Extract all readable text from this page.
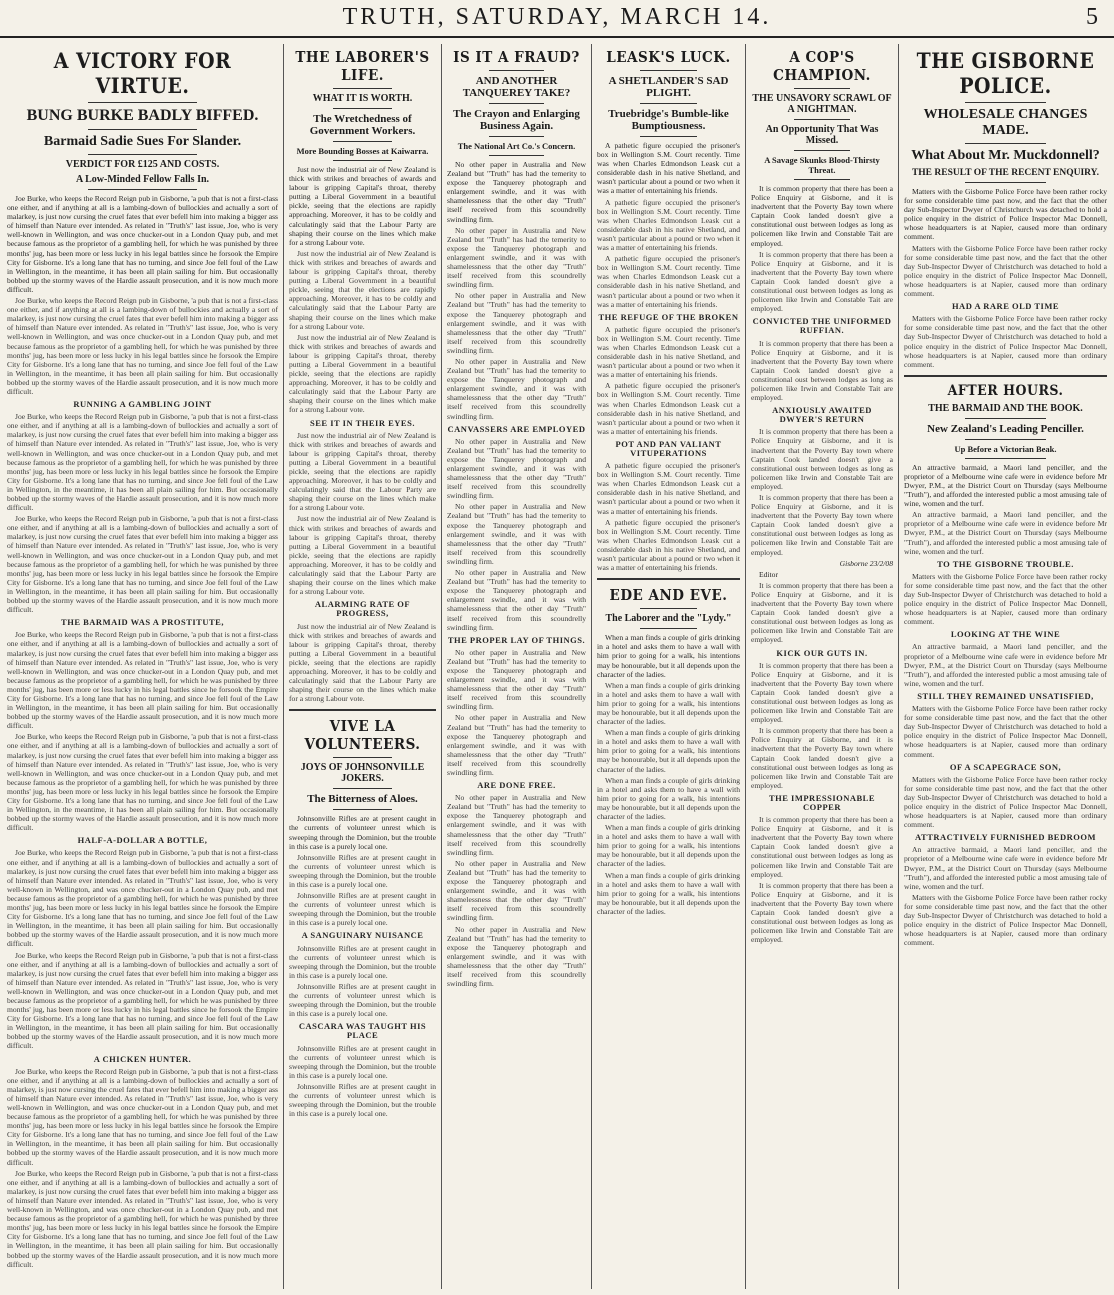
TRUTH, SATURDAY, MARCH 14.	5
A VICTORY FOR VIRTUE.
BUNG BURKE BADLY BIFFED.
Barmaid Sadie Sues For Slander.
VERDICT FOR £125 AND COSTS.
A Low-Minded Fellow Falls In.

Joe Burke, who keeps the Record Reign pub in Gisborne, 'a pub that is not a first-class one either, and if anything at all is a lambing-down of bullockies and actually a sort of malarkey, is just now cursing the cruel fates that ever befell him into making a bigger ass of himself than Nature ever intended. As related in "Truth's" last issue, Joe, who is very well-known in Wellington, and was once chucker-out in a London Quay pub, and met because famous as the proprietor of a gambling hell, for which he was punished by three months' jug, has been more or less lucky in his legal battles since he forsook the Empire City for Gisborne. It's a long lane that has no turning, and since Joe fell foul of the Law in Wellington, in the meantime, it has been all plain sailing for him. But occasionally bobbed up the stormy waves of the Hardie assault prosecution, and it is now much more difficult.

Joe Burke, who keeps the Record Reign pub in Gisborne, 'a pub that is not a first-class one either, and if anything at all is a lambing-down of bullockies and actually a sort of malarkey, is just now cursing the cruel fates that ever befell him into making a bigger ass of himself than Nature ever intended. As related in "Truth's" last issue, Joe, who is very well-known in Wellington, and was once chucker-out in a London Quay pub, and met because famous as the proprietor of a gambling hell, for which he was punished by three months' jug, has been more or less lucky in his legal battles since he forsook the Empire City for Gisborne. It's a long lane that has no turning, and since Joe fell foul of the Law in Wellington, in the meantime, it has been all plain sailing for him. But occasionally bobbed up the stormy waves of the Hardie assault prosecution, and it is now much more difficult.

RUNNING A GAMBLING JOINT

Joe Burke, who keeps the Record Reign pub in Gisborne, 'a pub that is not a first-class one either, and if anything at all is a lambing-down of bullockies and actually a sort of malarkey, is just now cursing the cruel fates that ever befell him into making a bigger ass of himself than Nature ever intended. As related in "Truth's" last issue, Joe, who is very well-known in Wellington, and was once chucker-out in a London Quay pub, and met because famous as the proprietor of a gambling hell, for which he was punished by three months' jug, has been more or less lucky in his legal battles since he forsook the Empire City for Gisborne. It's a long lane that has no turning, and since Joe fell foul of the Law in Wellington, in the meantime, it has been all plain sailing for him. But occasionally bobbed up the stormy waves of the Hardie assault prosecution, and it is now much more difficult.

Joe Burke, who keeps the Record Reign pub in Gisborne, 'a pub that is not a first-class one either, and if anything at all is a lambing-down of bullockies and actually a sort of malarkey, is just now cursing the cruel fates that ever befell him into making a bigger ass of himself than Nature ever intended. As related in "Truth's" last issue, Joe, who is very well-known in Wellington, and was once chucker-out in a London Quay pub, and met because famous as the proprietor of a gambling hell, for which he was punished by three months' jug, has been more or less lucky in his legal battles since he forsook the Empire City for Gisborne. It's a long lane that has no turning, and since Joe fell foul of the Law in Wellington, in the meantime, it has been all plain sailing for him. But occasionally bobbed up the stormy waves of the Hardie assault prosecution, and it is now much more difficult.

THE BARMAID WAS A PROSTITUTE,

Joe Burke, who keeps the Record Reign pub in Gisborne, 'a pub that is not a first-class one either, and if anything at all is a lambing-down of bullockies and actually a sort of malarkey, is just now cursing the cruel fates that ever befell him into making a bigger ass of himself than Nature ever intended. As related in "Truth's" last issue, Joe, who is very well-known in Wellington, and was once chucker-out in a London Quay pub, and met because famous as the proprietor of a gambling hell, for which he was punished by three months' jug, has been more or less lucky in his legal battles since he forsook the Empire City for Gisborne. It's a long lane that has no turning, and since Joe fell foul of the Law in Wellington, in the meantime, it has been all plain sailing for him. But occasionally bobbed up the stormy waves of the Hardie assault prosecution, and it is now much more difficult.

Joe Burke, who keeps the Record Reign pub in Gisborne, 'a pub that is not a first-class one either, and if anything at all is a lambing-down of bullockies and actually a sort of malarkey, is just now cursing the cruel fates that ever befell him into making a bigger ass of himself than Nature ever intended. As related in "Truth's" last issue, Joe, who is very well-known in Wellington, and was once chucker-out in a London Quay pub, and met because famous as the proprietor of a gambling hell, for which he was punished by three months' jug, has been more or less lucky in his legal battles since he forsook the Empire City for Gisborne. It's a long lane that has no turning, and since Joe fell foul of the Law in Wellington, in the meantime, it has been all plain sailing for him. But occasionally bobbed up the stormy waves of the Hardie assault prosecution, and it is now much more difficult.

HALF-A-DOLLAR A BOTTLE,

Joe Burke, who keeps the Record Reign pub in Gisborne, 'a pub that is not a first-class one either, and if anything at all is a lambing-down of bullockies and actually a sort of malarkey, is just now cursing the cruel fates that ever befell him into making a bigger ass of himself than Nature ever intended. As related in "Truth's" last issue, Joe, who is very well-known in Wellington, and was once chucker-out in a London Quay pub, and met because famous as the proprietor of a gambling hell, for which he was punished by three months' jug, has been more or less lucky in his legal battles since he forsook the Empire City for Gisborne. It's a long lane that has no turning, and since Joe fell foul of the Law in Wellington, in the meantime, it has been all plain sailing for him. But occasionally bobbed up the stormy waves of the Hardie assault prosecution, and it is now much more difficult.

Joe Burke, who keeps the Record Reign pub in Gisborne, 'a pub that is not a first-class one either, and if anything at all is a lambing-down of bullockies and actually a sort of malarkey, is just now cursing the cruel fates that ever befell him into making a bigger ass of himself than Nature ever intended. As related in "Truth's" last issue, Joe, who is very well-known in Wellington, and was once chucker-out in a London Quay pub, and met because famous as the proprietor of a gambling hell, for which he was punished by three months' jug, has been more or less lucky in his legal battles since he forsook the Empire City for Gisborne. It's a long lane that has no turning, and since Joe fell foul of the Law in Wellington, in the meantime, it has been all plain sailing for him. But occasionally bobbed up the stormy waves of the Hardie assault prosecution, and it is now much more difficult.

A CHICKEN HUNTER.

Joe Burke, who keeps the Record Reign pub in Gisborne, 'a pub that is not a first-class one either, and if anything at all is a lambing-down of bullockies and actually a sort of malarkey, is just now cursing the cruel fates that ever befell him into making a bigger ass of himself than Nature ever intended. As related in "Truth's" last issue, Joe, who is very well-known in Wellington, and was once chucker-out in a London Quay pub, and met because famous as the proprietor of a gambling hell, for which he was punished by three months' jug, has been more or less lucky in his legal battles since he forsook the Empire City for Gisborne. It's a long lane that has no turning, and since Joe fell foul of the Law in Wellington, in the meantime, it has been all plain sailing for him. But occasionally bobbed up the stormy waves of the Hardie assault prosecution, and it is now much more difficult.

Joe Burke, who keeps the Record Reign pub in Gisborne, 'a pub that is not a first-class one either, and if anything at all is a lambing-down of bullockies and actually a sort of malarkey, is just now cursing the cruel fates that ever befell him into making a bigger ass of himself than Nature ever intended. As related in "Truth's" last issue, Joe, who is very well-known in Wellington, and was once chucker-out in a London Quay pub, and met because famous as the proprietor of a gambling hell, for which he was punished by three months' jug, has been more or less lucky in his legal battles since he forsook the Empire City for Gisborne. It's a long lane that has no turning, and since Joe fell foul of the Law in Wellington, in the meantime, it has been all plain sailing for him. But occasionally bobbed up the stormy waves of the Hardie assault prosecution, and it is now much more difficult.

THE LABORER'S LIFE.
WHAT IT IS WORTH.
The Wretchedness of Government Workers.
More Bounding Bosses at Kaiwarra.

Just now the industrial air of New Zealand is thick with strikes and breaches of awards and labour is gripping Capital's throat, thereby putting a Liberal Government in a beautiful pickle, seeing that the elections are rapidly approaching. Moreover, it has to be coldly and calculatingly said that the Labour Party are shaping their course on the lines which make for a strong Labour vote.

Just now the industrial air of New Zealand is thick with strikes and breaches of awards and labour is gripping Capital's throat, thereby putting a Liberal Government in a beautiful pickle, seeing that the elections are rapidly approaching. Moreover, it has to be coldly and calculatingly said that the Labour Party are shaping their course on the lines which make for a strong Labour vote.

Just now the industrial air of New Zealand is thick with strikes and breaches of awards and labour is gripping Capital's throat, thereby putting a Liberal Government in a beautiful pickle, seeing that the elections are rapidly approaching. Moreover, it has to be coldly and calculatingly said that the Labour Party are shaping their course on the lines which make for a strong Labour vote.

SEE IT IN THEIR EYES.

Just now the industrial air of New Zealand is thick with strikes and breaches of awards and labour is gripping Capital's throat, thereby putting a Liberal Government in a beautiful pickle, seeing that the elections are rapidly approaching. Moreover, it has to be coldly and calculatingly said that the Labour Party are shaping their course on the lines which make for a strong Labour vote.

Just now the industrial air of New Zealand is thick with strikes and breaches of awards and labour is gripping Capital's throat, thereby putting a Liberal Government in a beautiful pickle, seeing that the elections are rapidly approaching. Moreover, it has to be coldly and calculatingly said that the Labour Party are shaping their course on the lines which make for a strong Labour vote.

ALARMING RATE OF PROGRESS,

Just now the industrial air of New Zealand is thick with strikes and breaches of awards and labour is gripping Capital's throat, thereby putting a Liberal Government in a beautiful pickle, seeing that the elections are rapidly approaching. Moreover, it has to be coldly and calculatingly said that the Labour Party are shaping their course on the lines which make for a strong Labour vote.

VIVE LA VOLUNTEERS.
JOYS OF JOHNSONVILLE JOKERS.
The Bitterness of Aloes.

Johnsonville Rifles are at present caught in the currents of volunteer unrest which is sweeping through the Dominion, but the trouble in this case is a purely local one.

Johnsonville Rifles are at present caught in the currents of volunteer unrest which is sweeping through the Dominion, but the trouble in this case is a purely local one.

Johnsonville Rifles are at present caught in the currents of volunteer unrest which is sweeping through the Dominion, but the trouble in this case is a purely local one.

A SANGUINARY NUISANCE

Johnsonville Rifles are at present caught in the currents of volunteer unrest which is sweeping through the Dominion, but the trouble in this case is a purely local one.

Johnsonville Rifles are at present caught in the currents of volunteer unrest which is sweeping through the Dominion, but the trouble in this case is a purely local one.

CASCARA WAS TAUGHT HIS PLACE

Johnsonville Rifles are at present caught in the currents of volunteer unrest which is sweeping through the Dominion, but the trouble in this case is a purely local one.

Johnsonville Rifles are at present caught in the currents of volunteer unrest which is sweeping through the Dominion, but the trouble in this case is a purely local one.

IS IT A FRAUD?
AND ANOTHER TANQUEREY TAKE?
The Crayon and Enlarging Business Again.
The National Art Co.'s Concern.

No other paper in Australia and New Zealand but "Truth" has had the temerity to expose the Tanquerey photograph and enlargement swindle, and it was with shamelessness that the other day "Truth" itself received from this scoundrelly swindling firm.

No other paper in Australia and New Zealand but "Truth" has had the temerity to expose the Tanquerey photograph and enlargement swindle, and it was with shamelessness that the other day "Truth" itself received from this scoundrelly swindling firm.

No other paper in Australia and New Zealand but "Truth" has had the temerity to expose the Tanquerey photograph and enlargement swindle, and it was with shamelessness that the other day "Truth" itself received from this scoundrelly swindling firm.

No other paper in Australia and New Zealand but "Truth" has had the temerity to expose the Tanquerey photograph and enlargement swindle, and it was with shamelessness that the other day "Truth" itself received from this scoundrelly swindling firm.

CANVASSERS ARE EMPLOYED

No other paper in Australia and New Zealand but "Truth" has had the temerity to expose the Tanquerey photograph and enlargement swindle, and it was with shamelessness that the other day "Truth" itself received from this scoundrelly swindling firm.

No other paper in Australia and New Zealand but "Truth" has had the temerity to expose the Tanquerey photograph and enlargement swindle, and it was with shamelessness that the other day "Truth" itself received from this scoundrelly swindling firm.

No other paper in Australia and New Zealand but "Truth" has had the temerity to expose the Tanquerey photograph and enlargement swindle, and it was with shamelessness that the other day "Truth" itself received from this scoundrelly swindling firm.

THE PROPER LAY OF THINGS.

No other paper in Australia and New Zealand but "Truth" has had the temerity to expose the Tanquerey photograph and enlargement swindle, and it was with shamelessness that the other day "Truth" itself received from this scoundrelly swindling firm.

No other paper in Australia and New Zealand but "Truth" has had the temerity to expose the Tanquerey photograph and enlargement swindle, and it was with shamelessness that the other day "Truth" itself received from this scoundrelly swindling firm.

ARE DONE FREE.

No other paper in Australia and New Zealand but "Truth" has had the temerity to expose the Tanquerey photograph and enlargement swindle, and it was with shamelessness that the other day "Truth" itself received from this scoundrelly swindling firm.

No other paper in Australia and New Zealand but "Truth" has had the temerity to expose the Tanquerey photograph and enlargement swindle, and it was with shamelessness that the other day "Truth" itself received from this scoundrelly swindling firm.

No other paper in Australia and New Zealand but "Truth" has had the temerity to expose the Tanquerey photograph and enlargement swindle, and it was with shamelessness that the other day "Truth" itself received from this scoundrelly swindling firm.

LEASK'S LUCK.
A SHETLANDER'S SAD PLIGHT.
Truebridge's Bumble-like Bumptiousness.

A pathetic figure occupied the prisoner's box in Wellington S.M. Court recently. Time was when Charles Edmondson Leask cut a considerable dash in his native Shetland, and wasn't particular about a pound or two when it was a matter of entertaining his friends.

A pathetic figure occupied the prisoner's box in Wellington S.M. Court recently. Time was when Charles Edmondson Leask cut a considerable dash in his native Shetland, and wasn't particular about a pound or two when it was a matter of entertaining his friends.

A pathetic figure occupied the prisoner's box in Wellington S.M. Court recently. Time was when Charles Edmondson Leask cut a considerable dash in his native Shetland, and wasn't particular about a pound or two when it was a matter of entertaining his friends.

THE REFUGE OF THE BROKEN

A pathetic figure occupied the prisoner's box in Wellington S.M. Court recently. Time was when Charles Edmondson Leask cut a considerable dash in his native Shetland, and wasn't particular about a pound or two when it was a matter of entertaining his friends.

A pathetic figure occupied the prisoner's box in Wellington S.M. Court recently. Time was when Charles Edmondson Leask cut a considerable dash in his native Shetland, and wasn't particular about a pound or two when it was a matter of entertaining his friends.

POT AND PAN VALIANT VITUPERATIONS

A pathetic figure occupied the prisoner's box in Wellington S.M. Court recently. Time was when Charles Edmondson Leask cut a considerable dash in his native Shetland, and wasn't particular about a pound or two when it was a matter of entertaining his friends.

A pathetic figure occupied the prisoner's box in Wellington S.M. Court recently. Time was when Charles Edmondson Leask cut a considerable dash in his native Shetland, and wasn't particular about a pound or two when it was a matter of entertaining his friends.

EDE AND EVE.
The Laborer and the "Lydy."

When a man finds a couple of girls drinking in a hotel and asks them to have a wall with him prior to going for a walk, his intentions may be honourable, but it all depends upon the character of the ladies.

When a man finds a couple of girls drinking in a hotel and asks them to have a wall with him prior to going for a walk, his intentions may be honourable, but it all depends upon the character of the ladies.

When a man finds a couple of girls drinking in a hotel and asks them to have a wall with him prior to going for a walk, his intentions may be honourable, but it all depends upon the character of the ladies.

When a man finds a couple of girls drinking in a hotel and asks them to have a wall with him prior to going for a walk, his intentions may be honourable, but it all depends upon the character of the ladies.

When a man finds a couple of girls drinking in a hotel and asks them to have a wall with him prior to going for a walk, his intentions may be honourable, but it all depends upon the character of the ladies.

When a man finds a couple of girls drinking in a hotel and asks them to have a wall with him prior to going for a walk, his intentions may be honourable, but it all depends upon the character of the ladies.

A COP'S CHAMPION.
THE UNSAVORY SCRAWL OF A NIGHTMAN.
An Opportunity That Was Missed.
A Savage Skunks Blood-Thirsty Threat.

It is common property that there has been a Police Enquiry at Gisborne, and it is inadvertent that the Poverty Bay town where Captain Cook landed doesn't give a constitutional oust between lodges as long as policemen like Irwin and Constable Tait are employed.

It is common property that there has been a Police Enquiry at Gisborne, and it is inadvertent that the Poverty Bay town where Captain Cook landed doesn't give a constitutional oust between lodges as long as policemen like Irwin and Constable Tait are employed.

CONVICTED THE UNIFORMED RUFFIAN.

It is common property that there has been a Police Enquiry at Gisborne, and it is inadvertent that the Poverty Bay town where Captain Cook landed doesn't give a constitutional oust between lodges as long as policemen like Irwin and Constable Tait are employed.

ANXIOUSLY AWAITED DWYER'S RETURN

It is common property that there has been a Police Enquiry at Gisborne, and it is inadvertent that the Poverty Bay town where Captain Cook landed doesn't give a constitutional oust between lodges as long as policemen like Irwin and Constable Tait are employed.

It is common property that there has been a Police Enquiry at Gisborne, and it is inadvertent that the Poverty Bay town where Captain Cook landed doesn't give a constitutional oust between lodges as long as policemen like Irwin and Constable Tait are employed.

Gisborne 23/2/08

Editor

It is common property that there has been a Police Enquiry at Gisborne, and it is inadvertent that the Poverty Bay town where Captain Cook landed doesn't give a constitutional oust between lodges as long as policemen like Irwin and Constable Tait are employed.

KICK OUR GUTS IN.

It is common property that there has been a Police Enquiry at Gisborne, and it is inadvertent that the Poverty Bay town where Captain Cook landed doesn't give a constitutional oust between lodges as long as policemen like Irwin and Constable Tait are employed.

It is common property that there has been a Police Enquiry at Gisborne, and it is inadvertent that the Poverty Bay town where Captain Cook landed doesn't give a constitutional oust between lodges as long as policemen like Irwin and Constable Tait are employed.

THE IMPRESSIONABLE COPPER

It is common property that there has been a Police Enquiry at Gisborne, and it is inadvertent that the Poverty Bay town where Captain Cook landed doesn't give a constitutional oust between lodges as long as policemen like Irwin and Constable Tait are employed.

It is common property that there has been a Police Enquiry at Gisborne, and it is inadvertent that the Poverty Bay town where Captain Cook landed doesn't give a constitutional oust between lodges as long as policemen like Irwin and Constable Tait are employed.

THE GISBORNE POLICE.
WHOLESALE CHANGES MADE.
What About Mr. Muckdonnell?
THE RESULT OF THE RECENT ENQUIRY.

Matters with the Gisborne Police Force have been rather rocky for some considerable time past now, and the fact that the other day Sub-Inspector Dwyer of Christchurch was detached to hold a police enquiry in the district of Police Inspector Mac Donnell, whose headquarters is at Napier, caused more than ordinary comment.

Matters with the Gisborne Police Force have been rather rocky for some considerable time past now, and the fact that the other day Sub-Inspector Dwyer of Christchurch was detached to hold a police enquiry in the district of Police Inspector Mac Donnell, whose headquarters is at Napier, caused more than ordinary comment.

HAD A RARE OLD TIME

Matters with the Gisborne Police Force have been rather rocky for some considerable time past now, and the fact that the other day Sub-Inspector Dwyer of Christchurch was detached to hold a police enquiry in the district of Police Inspector Mac Donnell, whose headquarters is at Napier, caused more than ordinary comment.

AFTER HOURS.
THE BARMAID AND THE BOOK.
New Zealand's Leading Penciller.
Up Before a Victorian Beak.

An attractive barmaid, a Maori land penciller, and the proprietor of a Melbourne wine cafe were in evidence before Mr Dwyer, P.M., at the District Court on Thursday (says Melbourne "Truth"), and afforded the interested public a most amusing tale of wine, women and the turf.

An attractive barmaid, a Maori land penciller, and the proprietor of a Melbourne wine cafe were in evidence before Mr Dwyer, P.M., at the District Court on Thursday (says Melbourne "Truth"), and afforded the interested public a most amusing tale of wine, women and the turf.

TO THE GISBORNE TROUBLE.

Matters with the Gisborne Police Force have been rather rocky for some considerable time past now, and the fact that the other day Sub-Inspector Dwyer of Christchurch was detached to hold a police enquiry in the district of Police Inspector Mac Donnell, whose headquarters is at Napier, caused more than ordinary comment.

LOOKING AT THE WINE

An attractive barmaid, a Maori land penciller, and the proprietor of a Melbourne wine cafe were in evidence before Mr Dwyer, P.M., at the District Court on Thursday (says Melbourne "Truth"), and afforded the interested public a most amusing tale of wine, women and the turf.

STILL THEY REMAINED UNSATISFIED,

Matters with the Gisborne Police Force have been rather rocky for some considerable time past now, and the fact that the other day Sub-Inspector Dwyer of Christchurch was detached to hold a police enquiry in the district of Police Inspector Mac Donnell, whose headquarters is at Napier, caused more than ordinary comment.

OF A SCAPEGRACE SON,

Matters with the Gisborne Police Force have been rather rocky for some considerable time past now, and the fact that the other day Sub-Inspector Dwyer of Christchurch was detached to hold a police enquiry in the district of Police Inspector Mac Donnell, whose headquarters is at Napier, caused more than ordinary comment.

ATTRACTIVELY FURNISHED BEDROOM

An attractive barmaid, a Maori land penciller, and the proprietor of a Melbourne wine cafe were in evidence before Mr Dwyer, P.M., at the District Court on Thursday (says Melbourne "Truth"), and afforded the interested public a most amusing tale of wine, women and the turf.

Matters with the Gisborne Police Force have been rather rocky for some considerable time past now, and the fact that the other day Sub-Inspector Dwyer of Christchurch was detached to hold a police enquiry in the district of Police Inspector Mac Donnell, whose headquarters is at Napier, caused more than ordinary comment.
